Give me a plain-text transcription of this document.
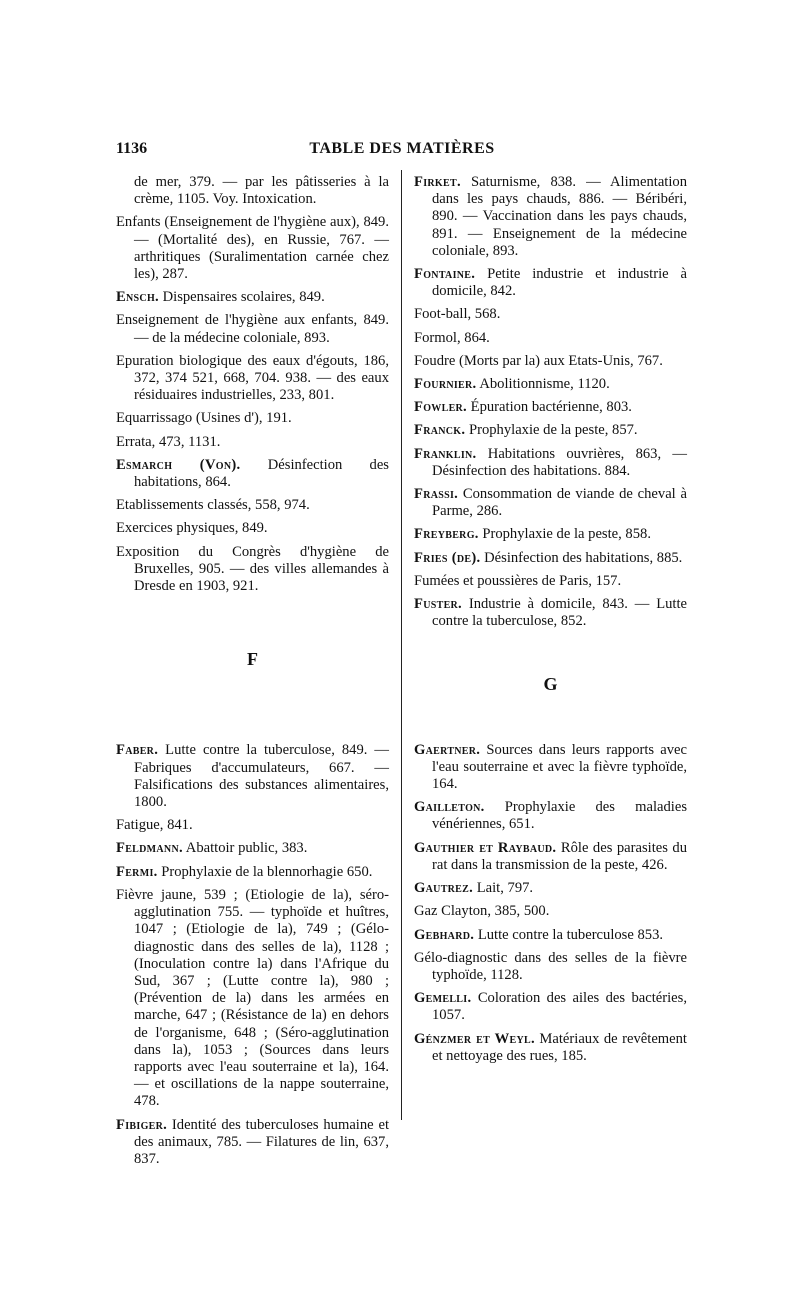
1136	TABLE DES MATIÈRES

de mer, 379. — par les pâtisseries à la crème, 1105. Voy. Intoxication.

Enfants (Enseignement de l'hygiène aux), 849. — (Mortalité des), en Russie, 767. — arthritiques (Suralimentation carnée chez les), 287.

Ensch. Dispensaires scolaires, 849.

Enseignement de l'hygiène aux enfants, 849. — de la médecine coloniale, 893.

Epuration biologique des eaux d'égouts, 186, 372, 374 521, 668, 704. 938. — des eaux résiduaires industrielles, 233, 801.

Equarrissago (Usines d'), 191.

Errata, 473, 1131.

Esmarch (Von). Désinfection des habitations, 864.

Etablissements classés, 558, 974.

Exercices physiques, 849.

Exposition du Congrès d'hygiène de Bruxelles, 905. — des villes allemandes à Dresde en 1903, 921.

F

Faber. Lutte contre la tuberculose, 849. — Fabriques d'accumulateurs, 667. — Falsifications des substances alimentaires, 1800.

Fatigue, 841.

Feldmann. Abattoir public, 383.

Fermi. Prophylaxie de la blennorhagie 650.

Fièvre jaune, 539 ; (Etiologie de la), séro-agglutination 755. — typhoïde et huîtres, 1047 ; (Etiologie de la), 749 ; (Gélo-diagnostic dans des selles de la), 1128 ; (Inoculation contre la) dans l'Afrique du Sud, 367 ; (Lutte contre la), 980 ; (Prévention de la) dans les armées en marche, 647 ; (Résistance de la) en dehors de l'organisme, 648 ; (Séro-agglutination dans la), 1053 ; (Sources dans leurs rapports avec l'eau souterraine et la), 164. — et oscillations de la nappe souterraine, 478.

Fibiger. Identité des tuberculoses humaine et des animaux, 785. — Filatures de lin, 637, 837.

Firket. Saturnisme, 838. — Alimentation dans les pays chauds, 886. — Béribéri, 890. — Vaccination dans les pays chauds, 891. — Enseignement de la médecine coloniale, 893.

Fontaine. Petite industrie et industrie à domicile, 842.

Foot-ball, 568.

Formol, 864.

Foudre (Morts par la) aux Etats-Unis, 767.

Fournier. Abolitionnisme, 1120.

Fowler. Épuration bactérienne, 803.

Franck. Prophylaxie de la peste, 857.

Franklin. Habitations ouvrières, 863, — Désinfection des habitations. 884.

Frassi. Consommation de viande de cheval à Parme, 286.

Freyberg. Prophylaxie de la peste, 858.

Fries (de). Désinfection des habitations, 885.

Fumées et poussières de Paris, 157.

Fuster. Industrie à domicile, 843. — Lutte contre la tuberculose, 852.

G

Gaertner. Sources dans leurs rapports avec l'eau souterraine et avec la fièvre typhoïde, 164.

Gailleton. Prophylaxie des maladies vénériennes, 651.

Gauthier et Raybaud. Rôle des parasites du rat dans la transmission de la peste, 426.

Gautrez. Lait, 797.

Gaz Clayton, 385, 500.

Gebhard. Lutte contre la tuberculose 853.

Gélo-diagnostic dans des selles de la fièvre typhoïde, 1128.

Gemelli. Coloration des ailes des bactéries, 1057.

Génzmer et Weyl. Matériaux de revêtement et nettoyage des rues, 185.
